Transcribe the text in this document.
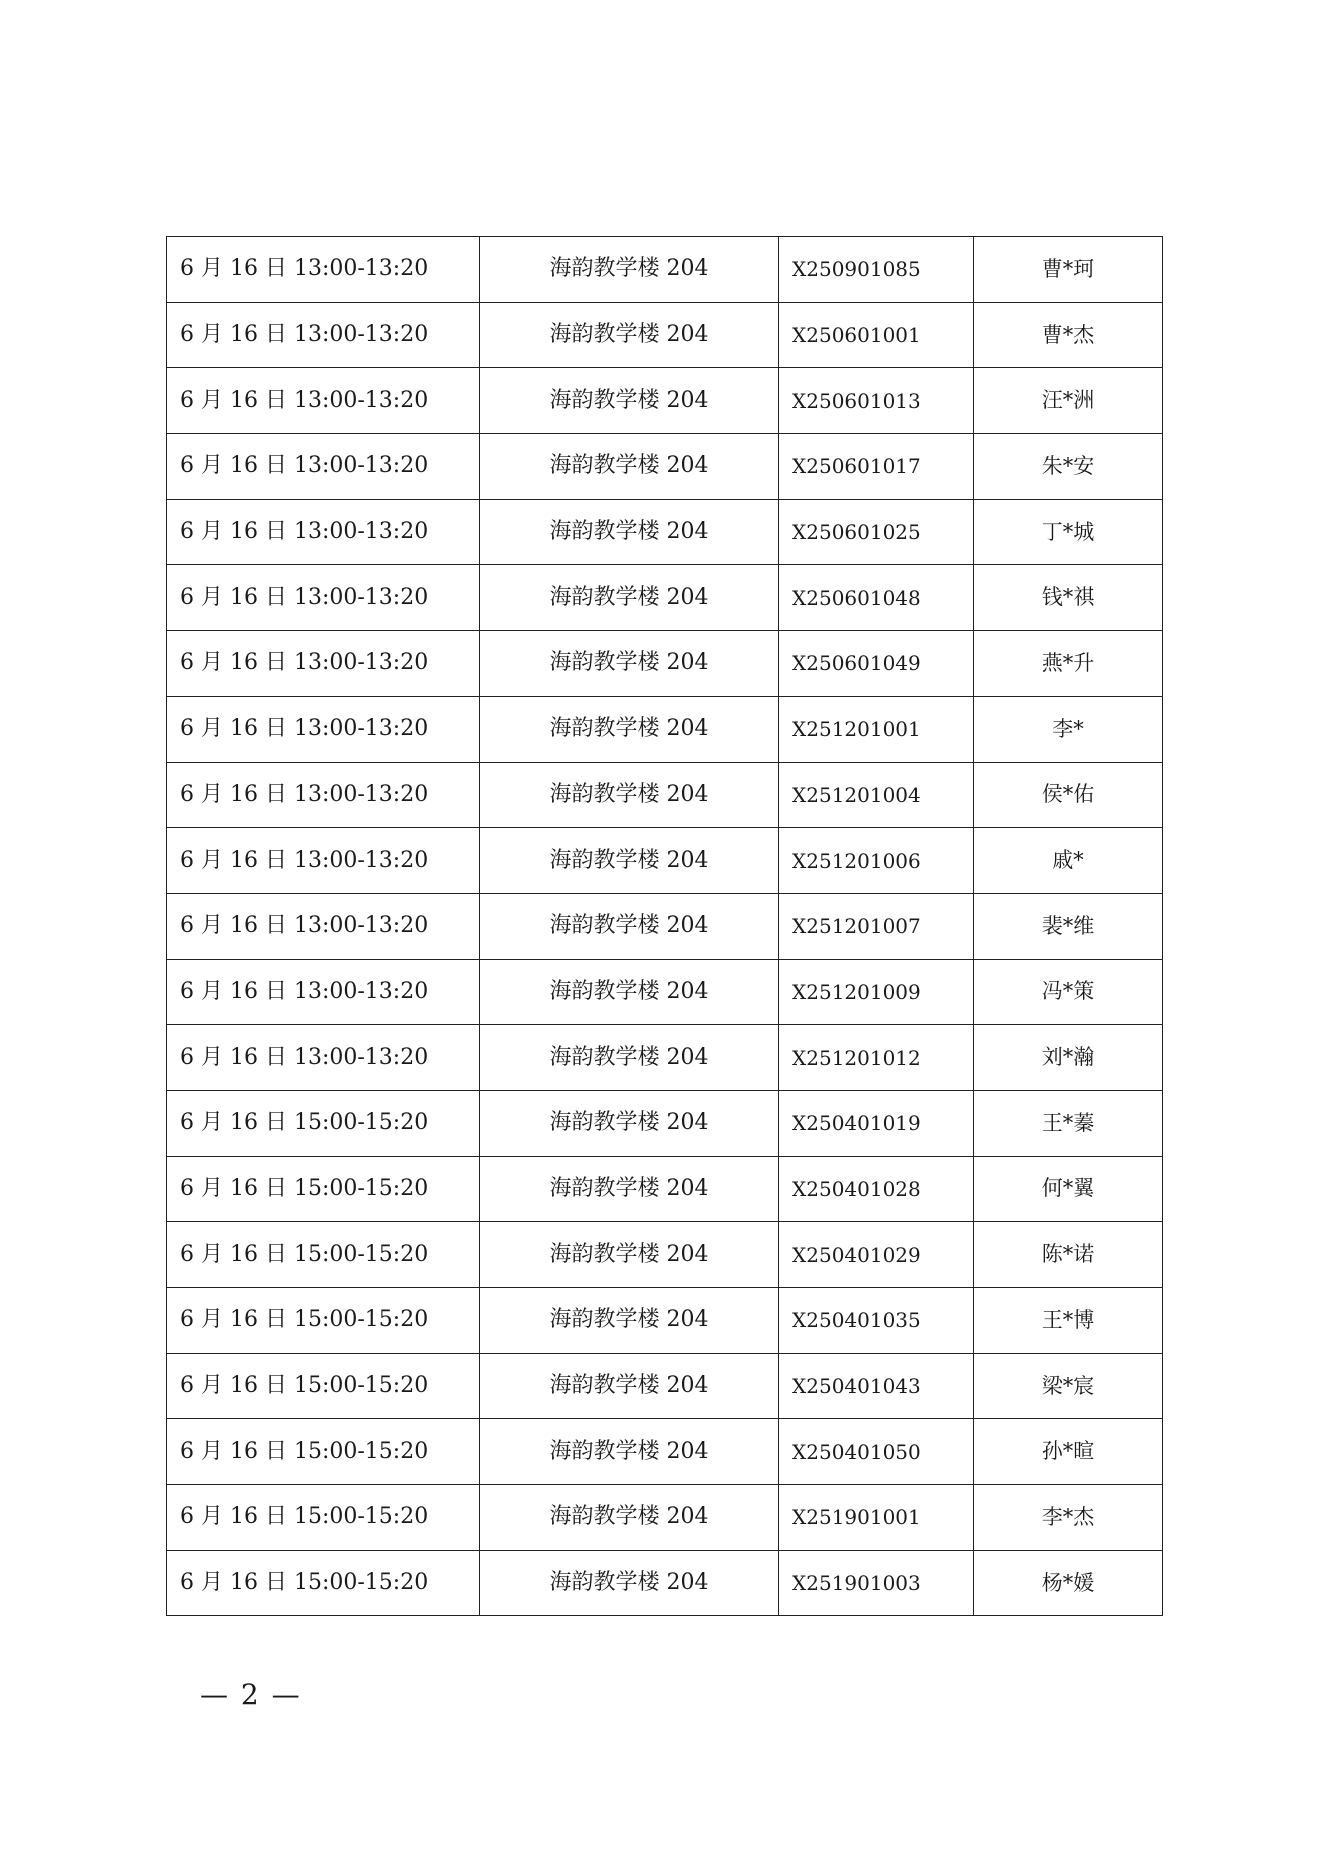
6 月 16 日 13:00-13:20	海韵教学楼 204	X250901085	曹*珂
6 月 16 日 13:00-13:20	海韵教学楼 204	X250601001	曹*杰
6 月 16 日 13:00-13:20	海韵教学楼 204	X250601013	汪*洲
6 月 16 日 13:00-13:20	海韵教学楼 204	X250601017	朱*安
6 月 16 日 13:00-13:20	海韵教学楼 204	X250601025	丁*城
6 月 16 日 13:00-13:20	海韵教学楼 204	X250601048	钱*祺
6 月 16 日 13:00-13:20	海韵教学楼 204	X250601049	燕*升
6 月 16 日 13:00-13:20	海韵教学楼 204	X251201001	李*
6 月 16 日 13:00-13:20	海韵教学楼 204	X251201004	侯*佑
6 月 16 日 13:00-13:20	海韵教学楼 204	X251201006	戚*
6 月 16 日 13:00-13:20	海韵教学楼 204	X251201007	裴*维
6 月 16 日 13:00-13:20	海韵教学楼 204	X251201009	冯*策
6 月 16 日 13:00-13:20	海韵教学楼 204	X251201012	刘*瀚
6 月 16 日 15:00-15:20	海韵教学楼 204	X250401019	王*蓁
6 月 16 日 15:00-15:20	海韵教学楼 204	X250401028	何*翼
6 月 16 日 15:00-15:20	海韵教学楼 204	X250401029	陈*诺
6 月 16 日 15:00-15:20	海韵教学楼 204	X250401035	王*博
6 月 16 日 15:00-15:20	海韵教学楼 204	X250401043	梁*宸
6 月 16 日 15:00-15:20	海韵教学楼 204	X250401050	孙*暄
6 月 16 日 15:00-15:20	海韵教学楼 204	X251901001	李*杰
6 月 16 日 15:00-15:20	海韵教学楼 204	X251901003	杨*媛
— 2 —
